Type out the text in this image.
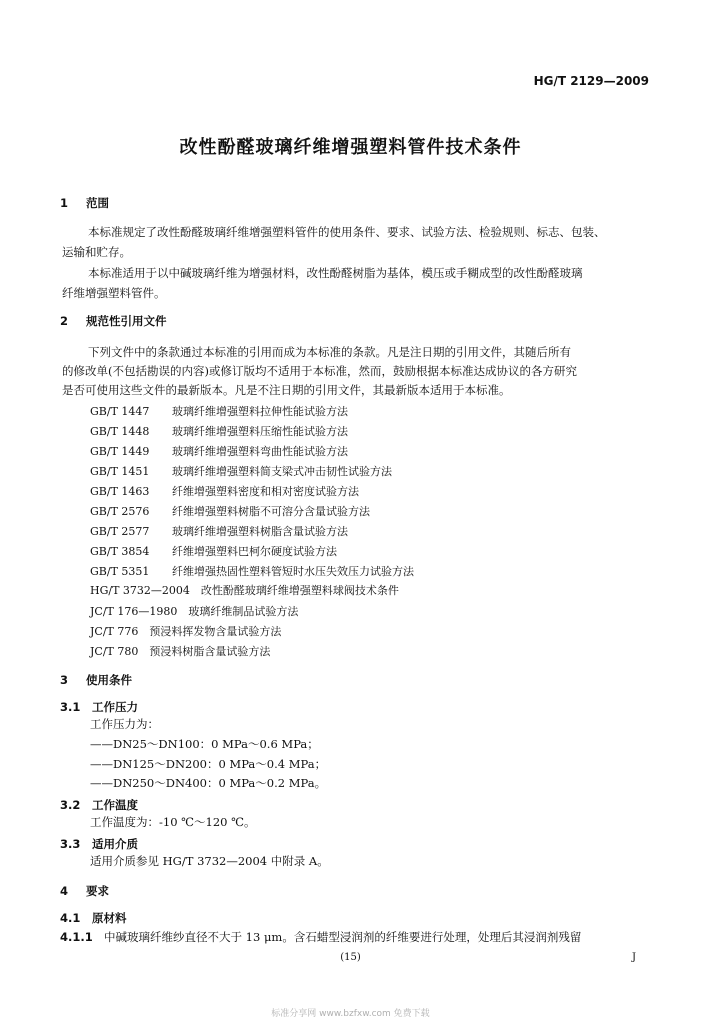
HG/T 2129—2009
改性酚醛玻璃纤维增强塑料管件技术条件
1 范围
本标准规定了改性酚醛玻璃纤维增强塑料管件的使用条件、要求、试验方法、检验规则、标志、包装、
运输和贮存。
本标准适用于以中碱玻璃纤维为增强材料，改性酚醛树脂为基体，模压或手糊成型的改性酚醛玻璃
纤维增强塑料管件。
2 规范性引用文件
下列文件中的条款通过本标准的引用而成为本标准的条款。凡是注日期的引用文件，其随后所有
的修改单(不包括勘误的内容)或修订版均不适用于本标准，然而，鼓励根据本标准达成协议的各方研究
是否可使用这些文件的最新版本。凡是不注日期的引用文件，其最新版本适用于本标准。
GB/T 1447 玻璃纤维增强塑料拉伸性能试验方法
GB/T 1448 玻璃纤维增强塑料压缩性能试验方法
GB/T 1449 玻璃纤维增强塑料弯曲性能试验方法
GB/T 1451 玻璃纤维增强塑料简支梁式冲击韧性试验方法
GB/T 1463 纤维增强塑料密度和相对密度试验方法
GB/T 2576 纤维增强塑料树脂不可溶分含量试验方法
GB/T 2577 玻璃纤维增强塑料树脂含量试验方法
GB/T 3854 纤维增强塑料巴柯尔硬度试验方法
GB/T 5351 纤维增强热固性塑料管短时水压失效压力试验方法
HG/T 3732—2004　改性酚醛玻璃纤维增强塑料球阀技术条件
JC/T 176—1980　玻璃纤维制品试验方法
JC/T 776　预浸料挥发物含量试验方法
JC/T 780　预浸料树脂含量试验方法
3 使用条件
3.1 工作压力
工作压力为：
——DN25～DN100：0 MPa～0.6 MPa；
——DN125～DN200：0 MPa～0.4 MPa；
——DN250～DN400：0 MPa～0.2 MPa。
3.2 工作温度
工作温度为：-10 ℃～120 ℃。
3.3 适用介质
适用介质参见 HG/T 3732—2004 中附录 A。
4 要求
4.1 原材料
4.1.1 中碱玻璃纤维纱直径不大于 13 μm。含石蜡型浸润剂的纤维要进行处理，处理后其浸润剂残留
(15)	J
标准分享网 www.bzfxw.com 免费下载
